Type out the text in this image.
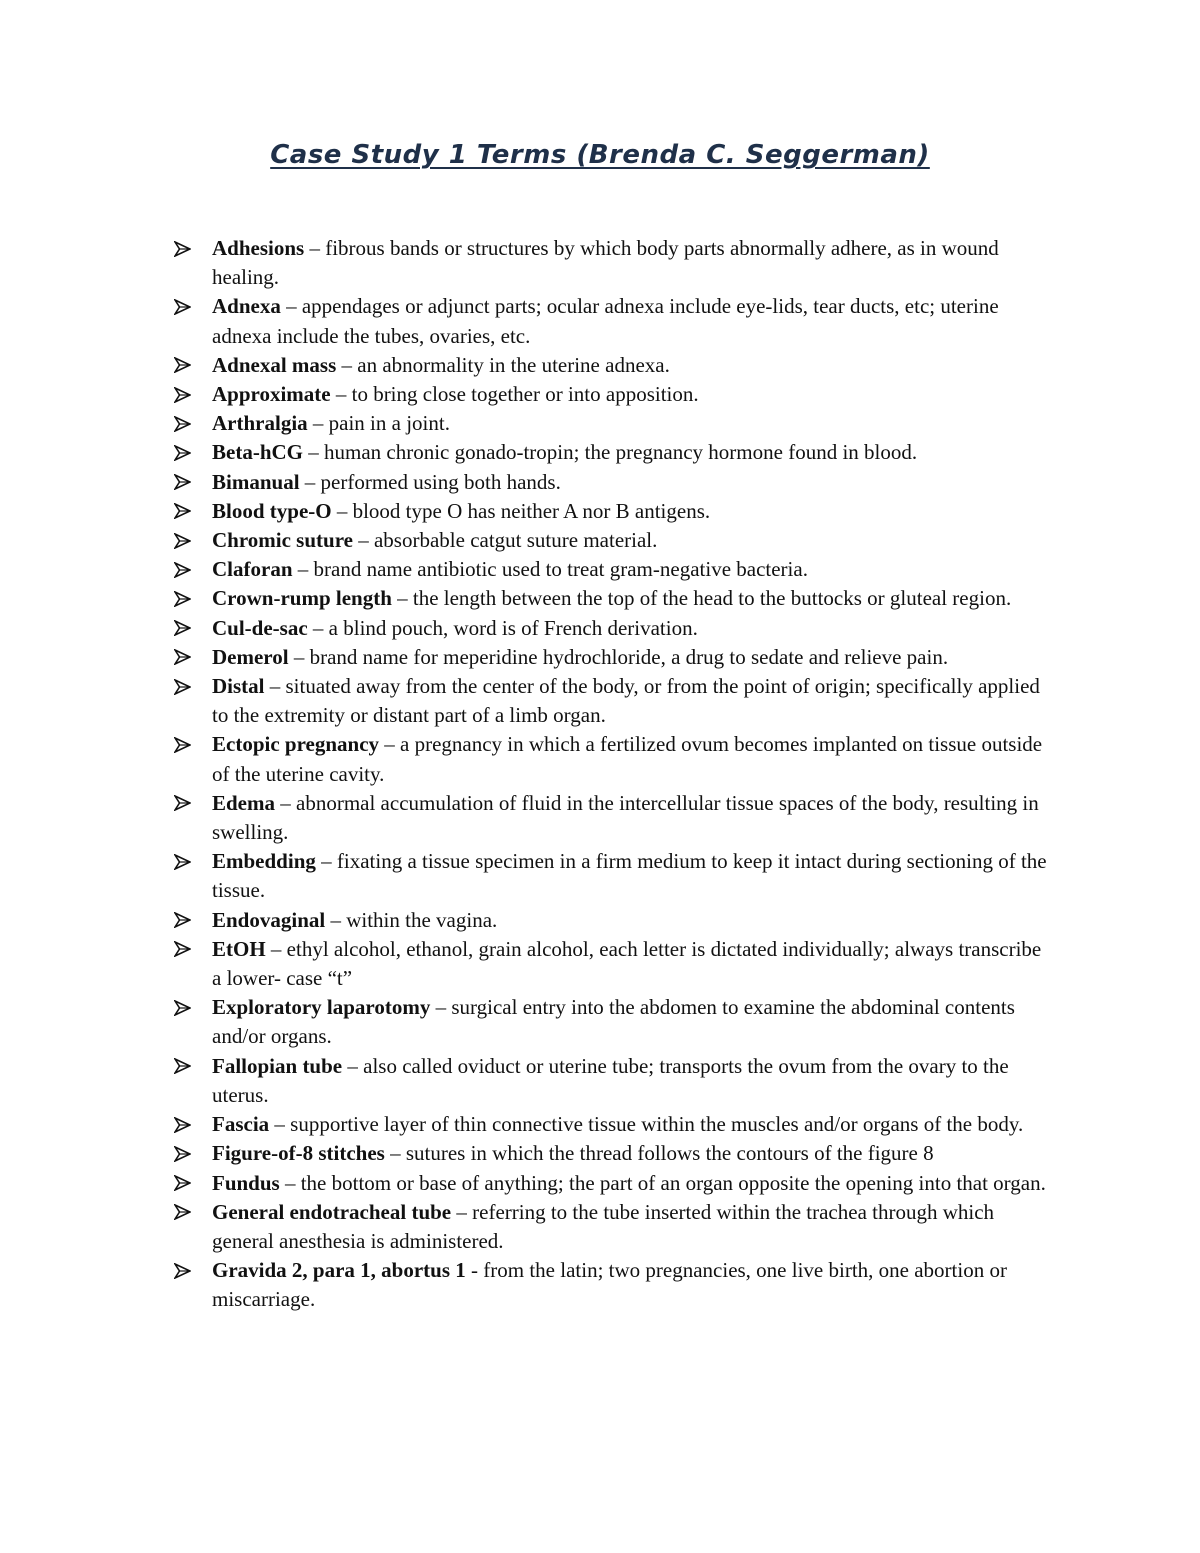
Case Study 1 Terms (Brenda C. Seggerman)
Adhesions – fibrous bands or structures by which body parts abnormally adhere, as in wound healing.
Adnexa – appendages or adjunct parts; ocular adnexa include eye-lids, tear ducts, etc; uterine adnexa include the tubes, ovaries, etc.
Adnexal mass – an abnormality in the uterine adnexa.
Approximate – to bring close together or into apposition.
Arthralgia – pain in a joint.
Beta-hCG – human chronic gonado-tropin; the pregnancy hormone found in blood.
Bimanual – performed using both hands.
Blood type-O – blood type O has neither A nor B antigens.
Chromic suture – absorbable catgut suture material.
Claforan – brand name antibiotic used to treat gram-negative bacteria.
Crown-rump length – the length between the top of the head to the buttocks or gluteal region.
Cul-de-sac – a blind pouch, word is of French derivation.
Demerol – brand name for meperidine hydrochloride, a drug to sedate and relieve pain.
Distal – situated away from the center of the body, or from the point of origin; specifically applied to the extremity or distant part of a limb organ.
Ectopic pregnancy – a pregnancy in which a fertilized ovum becomes implanted on tissue outside of the uterine cavity.
Edema – abnormal accumulation of fluid in the intercellular tissue spaces of the body, resulting in swelling.
Embedding – fixating a tissue specimen in a firm medium to keep it intact during sectioning of the tissue.
Endovaginal – within the vagina.
EtOH – ethyl alcohol, ethanol, grain alcohol, each letter is dictated individually; always transcribe a lower- case “t”
Exploratory laparotomy – surgical entry into the abdomen to examine the abdominal contents and/or organs.
Fallopian tube – also called oviduct or uterine tube; transports the ovum from the ovary to the uterus.
Fascia – supportive layer of thin connective tissue within the muscles and/or organs of the body.
Figure-of-8 stitches – sutures in which the thread follows the contours of the figure 8
Fundus – the bottom or base of anything; the part of an organ opposite the opening into that organ.
General endotracheal tube – referring to the tube inserted within the trachea through which general anesthesia is administered.
Gravida 2, para 1, abortus 1 - from the latin; two pregnancies, one live birth, one abortion or miscarriage.
